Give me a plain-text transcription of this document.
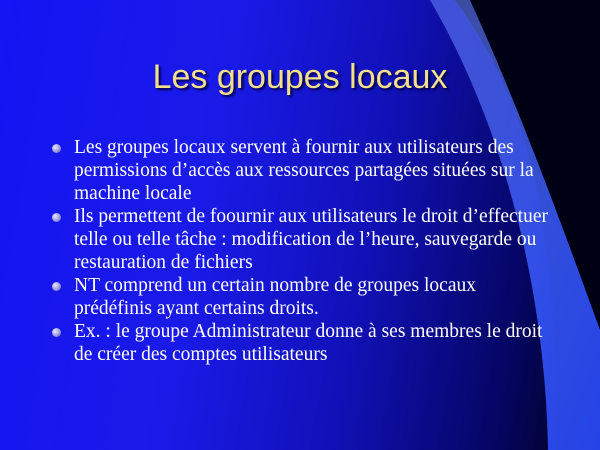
Les groupes locaux
Les groupes locaux servent à fournir aux utilisateurs des permissions d’accès aux ressources partagées situées sur la machine locale
Ils permettent de foournir aux utilisateurs le droit d’effectuer telle ou telle tâche : modification de l’heure, sauvegarde ou restauration de fichiers
NT comprend un certain nombre de groupes locaux prédéfinis ayant certains droits.
Ex. : le groupe Administrateur donne à ses membres le droit de créer des comptes utilisateurs
